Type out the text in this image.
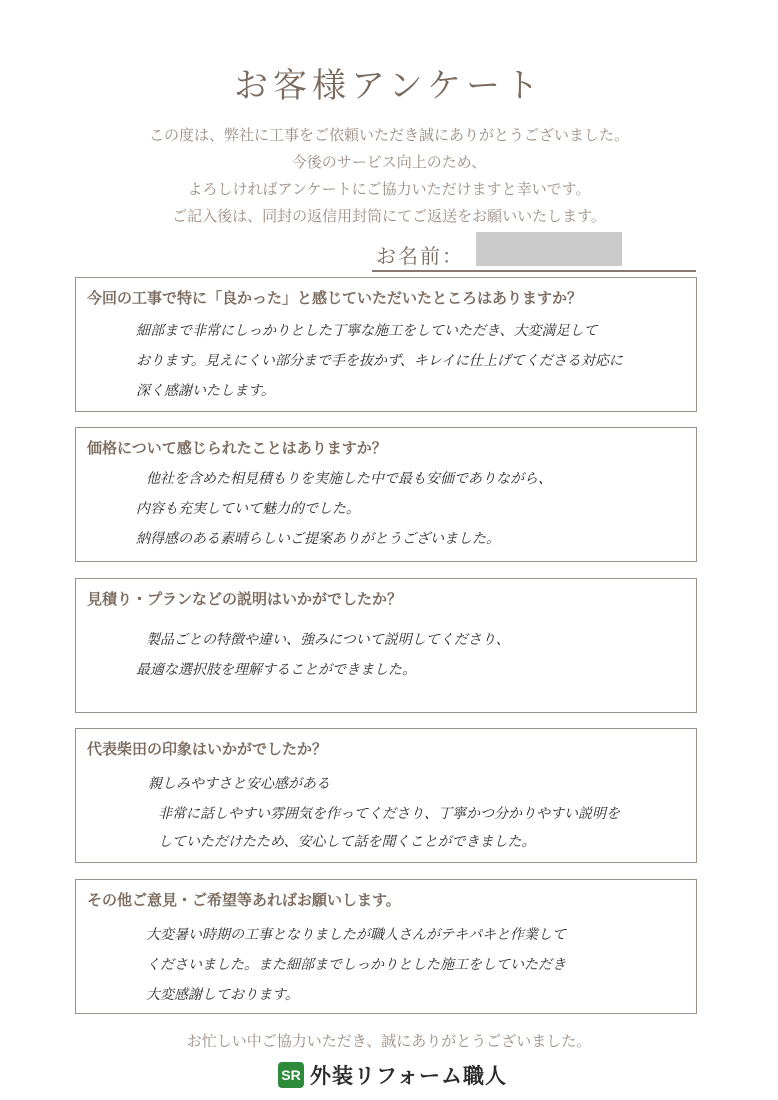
お客様アンケート
この度は、弊社に工事をご依頼いただき誠にありがとうございました。
今後のサービス向上のため、
よろしければアンケートにご協力いただけますと幸いです。
ご記入後は、同封の返信用封筒にてご返送をお願いいたします。
お名前：
今回の工事で特に「良かった」と感じていただいたところはありますか？
細部まで非常にしっかりとした丁寧な施工をしていただき、大変満足して
おります。見えにくい部分まで手を抜かず、キレイに仕上げてくださる対応に
深く感謝いたします。
価格について感じられたことはありますか？
他社を含めた相見積もりを実施した中で最も安価でありながら、
内容も充実していて魅力的でした。
納得感のある素晴らしいご提案ありがとうございました。
見積り・プランなどの説明はいかがでしたか？
製品ごとの特徴や違い、強みについて説明してくださり、
最適な選択肢を理解することができました。
代表柴田の印象はいかがでしたか？
親しみやすさと安心感がある
非常に話しやすい雰囲気を作ってくださり、丁寧かつ分かりやすい説明を
していただけたため、安心して話を聞くことができました。
その他ご意見・ご希望等あればお願いします。
大変暑い時期の工事となりましたが職人さんがテキパキと作業して
くださいました。また細部までしっかりとした施工をしていただき
大変感謝しております。
お忙しい中ご協力いただき、誠にありがとうございました。
SR 外装リフォーム職人
